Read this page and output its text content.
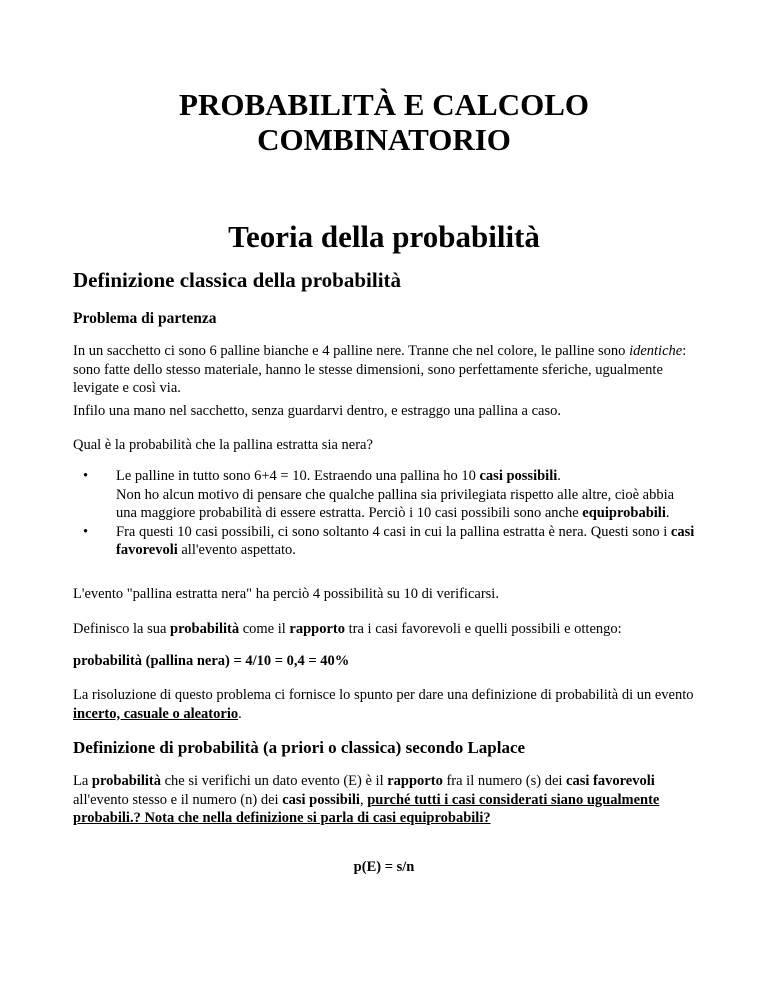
PROBABILITÀ E CALCOLO
COMBINATORIO
Teoria della probabilità
Definizione classica della probabilità
Problema di partenza

In un sacchetto ci sono 6 palline bianche e 4 palline nere. Tranne che nel colore, le palline sono identiche: sono fatte dello stesso materiale, hanno le stesse dimensioni, sono perfettamente sferiche, ugualmente levigate e così via.

Infilo una mano nel sacchetto, senza guardarvi dentro, e estraggo una pallina a caso.

Qual è la probabilità che la pallina estratta sia nera?

• Le palline in tutto sono 6+4 = 10. Estraendo una pallina ho 10 casi possibili.
Non ho alcun motivo di pensare che qualche pallina sia privilegiata rispetto alle altre, cioè abbia una maggiore probabilità di essere estratta. Perciò i 10 casi possibili sono anche equiprobabili.
• Fra questi 10 casi possibili, ci sono soltanto 4 casi in cui la pallina estratta è nera. Questi sono i casi favorevoli all'evento aspettato.

L'evento "pallina estratta nera" ha perciò 4 possibilità su 10 di verificarsi.

Definisco la sua probabilità come il rapporto tra i casi favorevoli e quelli possibili e ottengo:

probabilità (pallina nera) = 4/10 = 0,4 = 40%

La risoluzione di questo problema ci fornisce lo spunto per dare una definizione di probabilità di un evento incerto, casuale o aleatorio.

Definizione di probabilità (a priori o classica) secondo Laplace

La probabilità che si verifichi un dato evento (E) è il rapporto fra il numero (s) dei casi favorevoli all'evento stesso e il numero (n) dei casi possibili, purché tutti i casi considerati siano ugualmente probabili.? Nota che nella definizione si parla di casi equiprobabili?

p(E) = s/n
